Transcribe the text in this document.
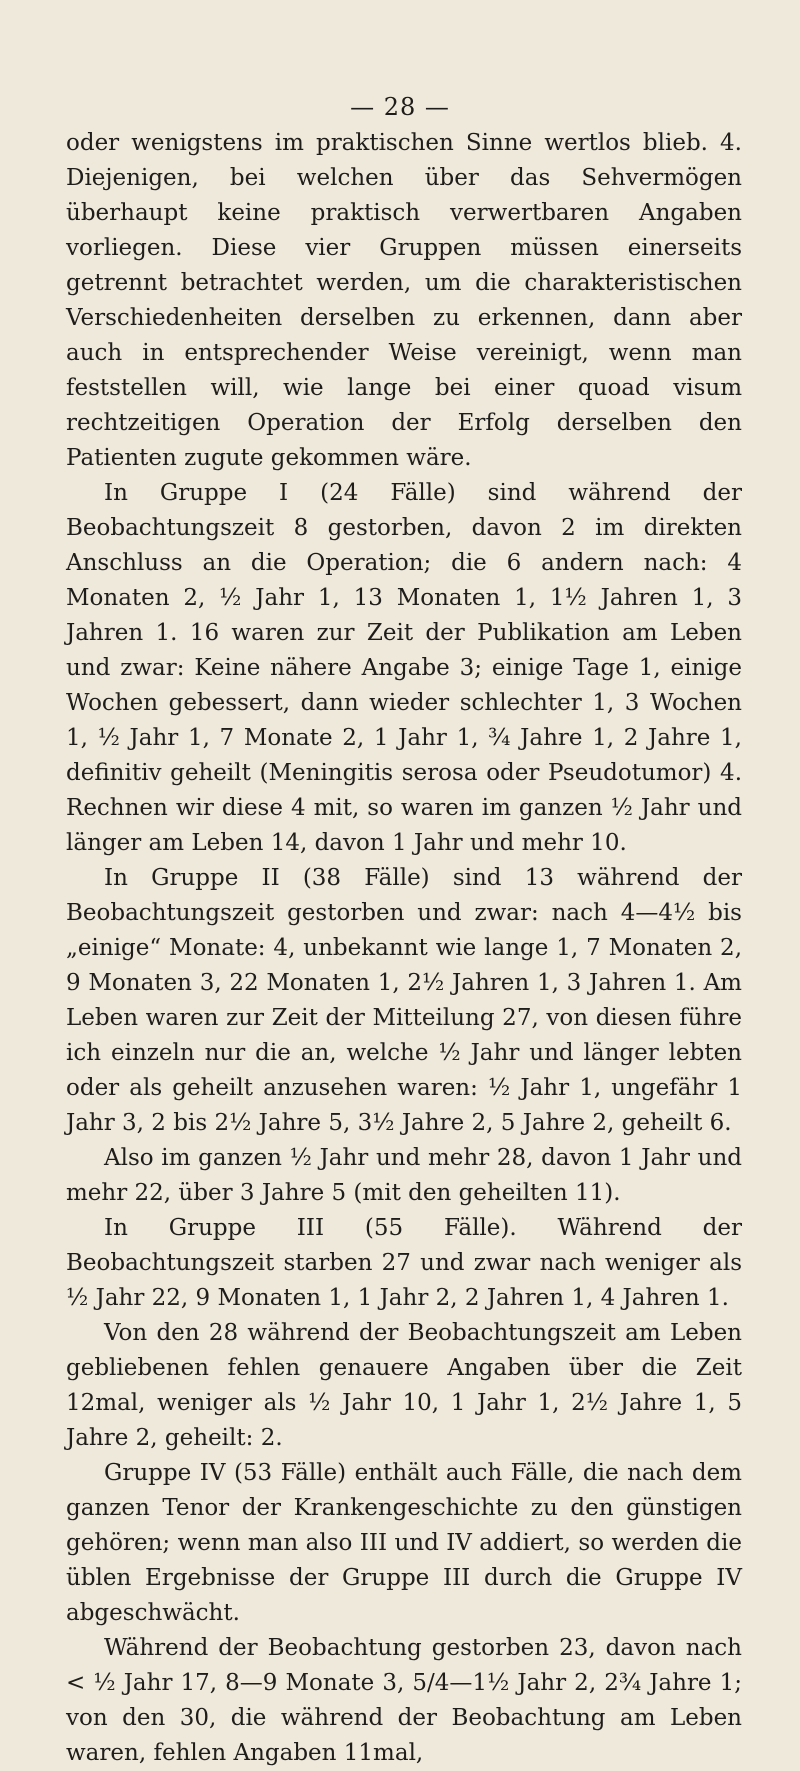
— 28 —

oder wenigstens im praktischen Sinne wertlos blieb. 4. Diejenigen, bei welchen über das Sehvermögen überhaupt keine praktisch verwertbaren Angaben vorliegen. Diese vier Gruppen müssen einerseits getrennt betrachtet werden, um die charakteristischen Verschiedenheiten derselben zu erkennen, dann aber auch in entsprechender Weise vereinigt, wenn man feststellen will, wie lange bei einer quoad visum rechtzeitigen Operation der Erfolg derselben den Patienten zugute gekommen wäre.

In Gruppe I (24 Fälle) sind während der Beobachtungszeit 8 gestorben, davon 2 im direkten Anschluss an die Operation; die 6 andern nach: 4 Monaten 2, ½ Jahr 1, 13 Monaten 1, 1½ Jahren 1, 3 Jahren 1. 16 waren zur Zeit der Publikation am Leben und zwar: Keine nähere Angabe 3; einige Tage 1, einige Wochen gebessert, dann wieder schlechter 1, 3 Wochen 1, ½ Jahr 1, 7 Monate 2, 1 Jahr 1, ¾ Jahre 1, 2 Jahre 1, definitiv geheilt (Meningitis serosa oder Pseudotumor) 4. Rechnen wir diese 4 mit, so waren im ganzen ½ Jahr und länger am Leben 14, davon 1 Jahr und mehr 10.

In Gruppe II (38 Fälle) sind 13 während der Beobachtungszeit gestorben und zwar: nach 4—4½ bis „einige“ Monate: 4, unbekannt wie lange 1, 7 Monaten 2, 9 Monaten 3, 22 Monaten 1, 2½ Jahren 1, 3 Jahren 1. Am Leben waren zur Zeit der Mitteilung 27, von diesen führe ich einzeln nur die an, welche ½ Jahr und länger lebten oder als geheilt anzusehen waren: ½ Jahr 1, ungefähr 1 Jahr 3, 2 bis 2½ Jahre 5, 3½ Jahre 2, 5 Jahre 2, geheilt 6.

Also im ganzen ½ Jahr und mehr 28, davon 1 Jahr und mehr 22, über 3 Jahre 5 (mit den geheilten 11).

In Gruppe III (55 Fälle). Während der Beobachtungszeit starben 27 und zwar nach weniger als ½ Jahr 22, 9 Monaten 1, 1 Jahr 2, 2 Jahren 1, 4 Jahren 1.

Von den 28 während der Beobachtungszeit am Leben gebliebenen fehlen genauere Angaben über die Zeit 12mal, weniger als ½ Jahr 10, 1 Jahr 1, 2½ Jahre 1, 5 Jahre 2, geheilt: 2.

Gruppe IV (53 Fälle) enthält auch Fälle, die nach dem ganzen Tenor der Krankengeschichte zu den günstigen gehören; wenn man also III und IV addiert, so werden die üblen Ergebnisse der Gruppe III durch die Gruppe IV abgeschwächt.

Während der Beobachtung gestorben 23, davon nach < ½ Jahr 17, 8—9 Monate 3, 5/4—1½ Jahr 2, 2¾ Jahre 1; von den 30, die während der Beobachtung am Leben waren, fehlen Angaben 11mal,
